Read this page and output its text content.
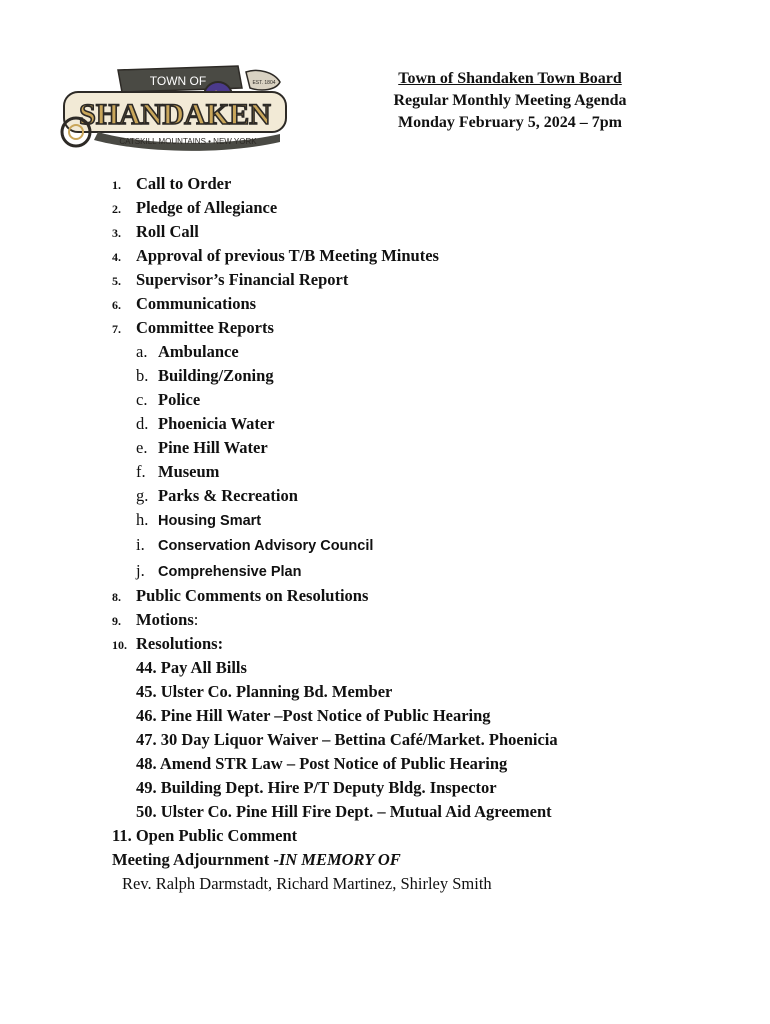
TOWN OF	EST. 1804
SHANDAKEN
CATSKILL MOUNTAINS • NEW YORK
Town of Shandaken Town Board
Regular Monthly Meeting Agenda
Monday February 5, 2024 – 7pm
1. Call to Order
2. Pledge of Allegiance
3. Roll Call
4. Approval of previous T/B Meeting Minutes
5. Supervisor’s Financial Report
6. Communications
7. Committee Reports
a. Ambulance
b. Building/Zoning
c. Police
d. Phoenicia Water
e. Pine Hill Water
f. Museum
g. Parks & Recreation
h. Housing Smart
i. Conservation Advisory Council
j. Comprehensive Plan
8. Public Comments on Resolutions
9. Motions:
10. Resolutions:
44. Pay All Bills
45. Ulster Co. Planning Bd. Member
46. Pine Hill Water –Post Notice of Public Hearing
47. 30 Day Liquor Waiver – Bettina Café/Market. Phoenicia
48. Amend STR Law – Post Notice of Public Hearing
49. Building Dept. Hire P/T Deputy Bldg. Inspector
50. Ulster Co. Pine Hill Fire Dept. – Mutual Aid Agreement
11. Open Public Comment
Meeting Adjournment -IN MEMORY OF
Rev. Ralph Darmstadt, Richard Martinez, Shirley Smith
